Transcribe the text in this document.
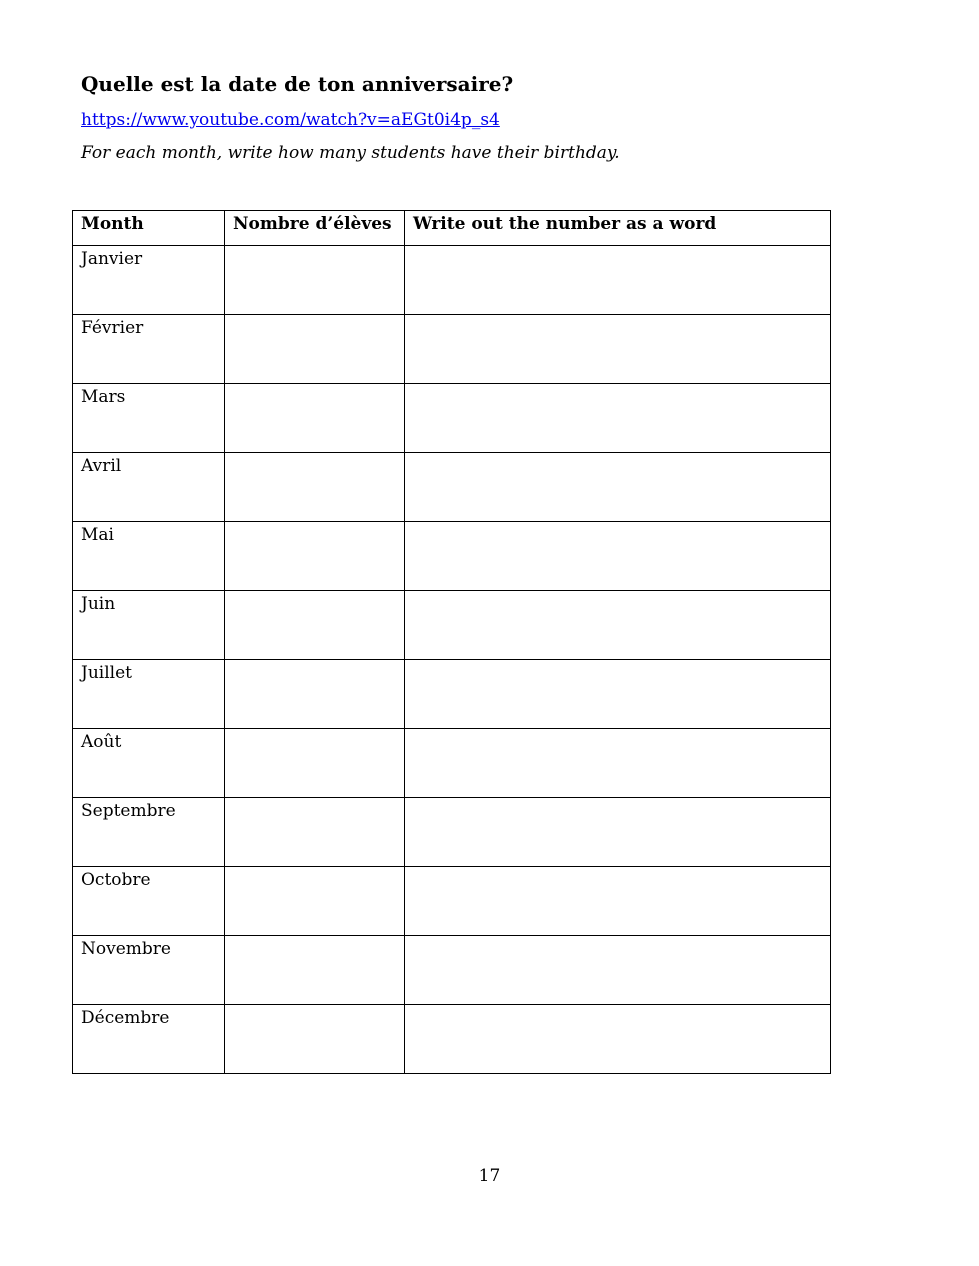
Quelle est la date de ton anniversaire?
https://www.youtube.com/watch?v=aEGt0i4p_s4

For each month, write how many students have their birthday.

Month	Nombre d’élèves	Write out the number as a word
Janvier		
Février		
Mars		
Avril		
Mai		
Juin		
Juillet		
Août		
Septembre		
Octobre		
Novembre		
Décembre		
17
